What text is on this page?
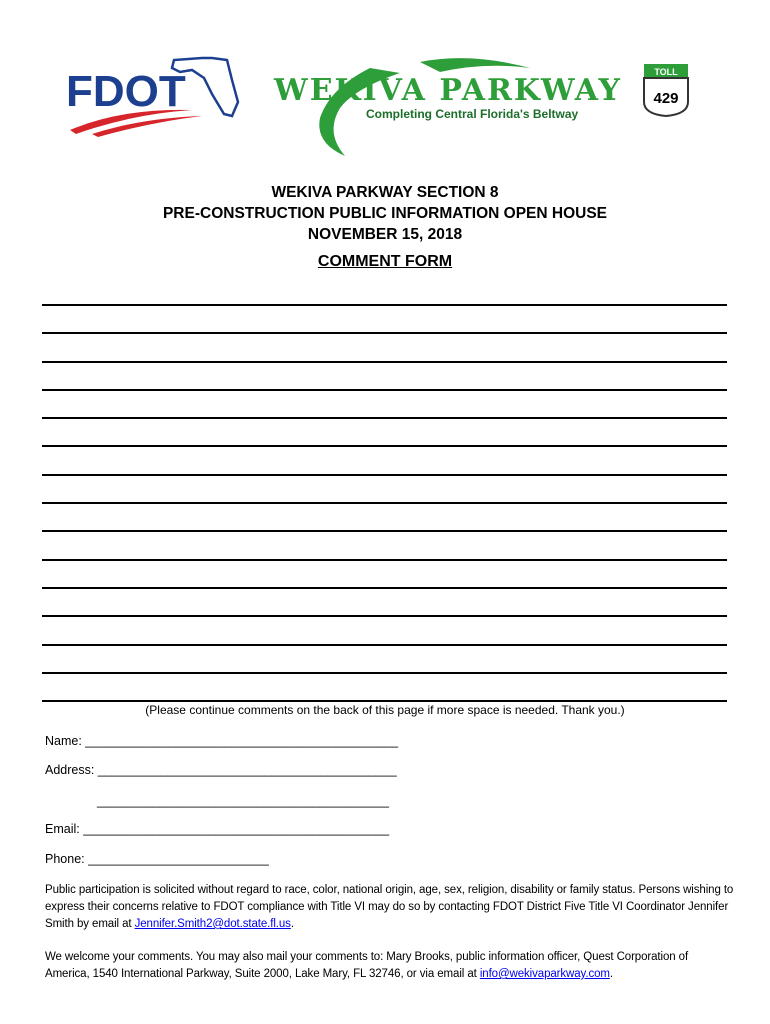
FDOT	WEKIVA PARKWAY
Completing Central Florida's Beltway
TOLL
429
WEKIVA PARKWAY SECTION 8
PRE-CONSTRUCTION PUBLIC INFORMATION OPEN HOUSE
NOVEMBER 15, 2018
COMMENT FORM
(Please continue comments on the back of this page if more space is needed. Thank you.)
Name: _____________________________________________
Address: ___________________________________________
__________________________________________
Email: ____________________________________________
Phone: __________________________
Public participation is solicited without regard to race, color, national origin, age, sex, religion, disability or family status. Persons wishing to express their concerns relative to FDOT compliance with Title VI may do so by contacting FDOT District Five Title VI Coordinator Jennifer Smith by email at Jennifer.Smith2@dot.state.fl.us.
We welcome your comments. You may also mail your comments to: Mary Brooks, public information officer, Quest Corporation of America, 1540 International Parkway, Suite 2000, Lake Mary, FL 32746, or via email at info@wekivaparkway.com.
